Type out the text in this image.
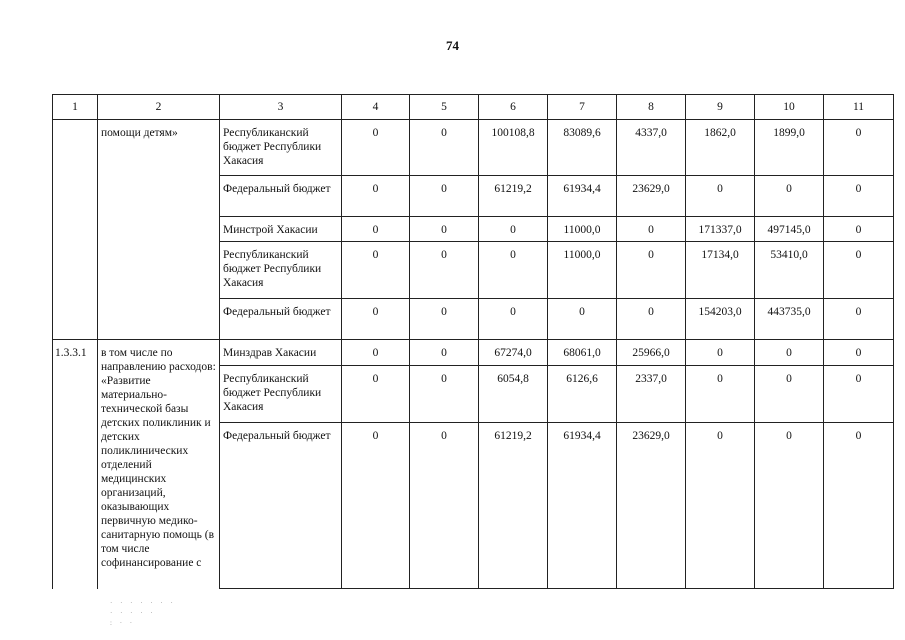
74
1	2	3	4	5	6	7	8	9	10	11
	помощи детям»	Республиканский бюджет Республики Хакасия	0	0	100108,8	83089,6	4337,0	1862,0	1899,0	0
		Федеральный бюджет	0	0	61219,2	61934,4	23629,0	0	0	0
		Минстрой Хакасии	0	0	0	11000,0	0	171337,0	497145,0	0
		Республиканский бюджет Республики Хакасия	0	0	0	11000,0	0	17134,0	53410,0	0
		Федеральный бюджет	0	0	0	0	0	154203,0	443735,0	0
1.3.3.1	в том числе по направлению расходов: «Развитие материально-технической базы детских поликлиник и детских поликлинических отделений медицинских организаций, оказывающих первичную медико-санитарную помощь (в том числе софинансирование с	Минздрав Хакасии	0	0	67274,0	68061,0	25966,0	0	0	0
		Республиканский бюджет Республики Хакасия	0	0	6054,8	6126,6	2337,0	0	0	0
		Федеральный бюджет	0	0	61219,2	61934,4	23629,0	0	0	0
· · · · · · ·
· · · · ·
: · ·
